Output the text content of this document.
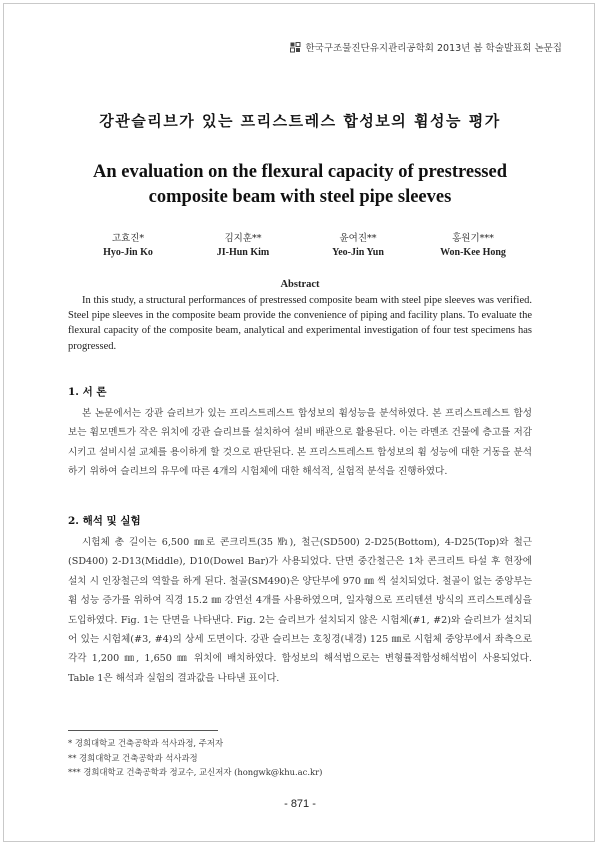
한국구조물진단유지관리공학회 2013년 봄 학술발표회 논문집
강관슬리브가 있는 프리스트레스 합성보의 휨성능 평가
An evaluation on the flexural capacity of prestressed
composite beam with steel pipe sleeves
고효진*
Hyo-Jin Ko
김지훈**
JI-Hun Kim
윤여진**
Yeo-Jin Yun
홍원기***
Won-Kee Hong
Abstract
In this study, a structural performances of prestressed composite beam with steel pipe sleeves was verified. Steel pipe sleeves in the composite beam provide the convenience of piping and facility plans. To evaluate the flexural capacity of the composite beam, analytical and experimental investigation of four test specimens has progressed.
1. 서 론
본 논문에서는 강관 슬리브가 있는 프리스트레스트 합성보의 휨성능을 분석하였다. 본 프리스트레스트 합성보는 휨모멘트가 작은 위치에 강관 슬리브를 설치하여 설비 배관으로 활용된다. 이는 라멘조 건물에 층고를 저감시키고 설비시설 교체를 용이하게 할 것으로 판단된다. 본 프리스트레스트 합성보의 휨 성능에 대한 거동을 분석하기 위하여 슬리브의 유무에 따른 4개의 시험체에 대한 해석적, 실험적 분석을 진행하였다.
2. 해석 및 실험
시험체 총 길이는 6,500 ㎜로 콘크리트(35 ㎫), 철근(SD500) 2-D25(Bottom), 4-D25(Top)와 철근(SD400) 2-D13(Middle), D10(Dowel Bar)가 사용되었다. 단면 중간철근은 1차 콘크리트 타설 후 현장에 설치 시 인장철근의 역할을 하게 된다. 철골(SM490)은 양단부에 970 ㎜ 씩 설치되었다. 철골이 없는 중앙부는 휨 성능 증가를 위하여 직경 15.2 ㎜ 강연선 4개를 사용하였으며, 일자형으로 프리텐션 방식의 프리스트레싱을 도입하였다. Fig. 1는 단면을 나타낸다. Fig. 2는 슬리브가 설치되지 않은 시험체(#1, #2)와 슬리브가 설치되어 있는 시험체(#3, #4)의 상세 도면이다. 강관 슬리브는 호칭경(내경) 125 ㎜로 시험체 중앙부에서 좌측으로 각각 1,200 ㎜, 1,650 ㎜ 위치에 배치하였다. 합성보의 해석법으로는 변형률적합성해석법이 사용되었다. Table 1은 해석과 실험의 결과값을 나타낸 표이다.
* 경희대학교 건축공학과 석사과정, 주저자
** 경희대학교 건축공학과 석사과정
*** 경희대학교 건축공학과 정교수, 교신저자 (hongwk@khu.ac.kr)
- 871 -
